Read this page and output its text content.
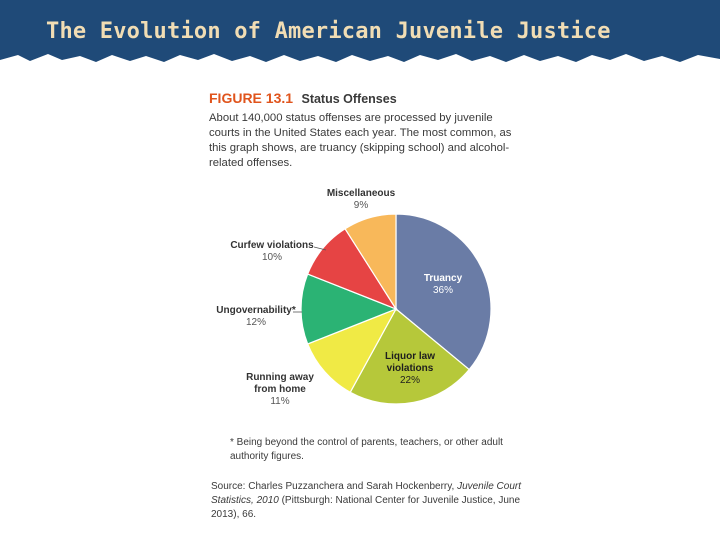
The Evolution of American Juvenile Justice
FIGURE 13.1 Status Offenses
About 140,000 status offenses are processed by juvenile courts in the United States each year. The most common, as this graph shows, are truancy (skipping school) and alcohol-related offenses.
Truancy
36%
Liquor law violations
22%
Running away from home
11%
Ungovernability*
12%
Curfew violations
10%
Miscellaneous
9%
* Being beyond the control of parents, teachers, or other adult authority figures.
Source: Charles Puzzanchera and Sarah Hockenberry, Juvenile Court Statistics, 2010 (Pittsburgh: National Center for Juvenile Justice, June 2013), 66.
